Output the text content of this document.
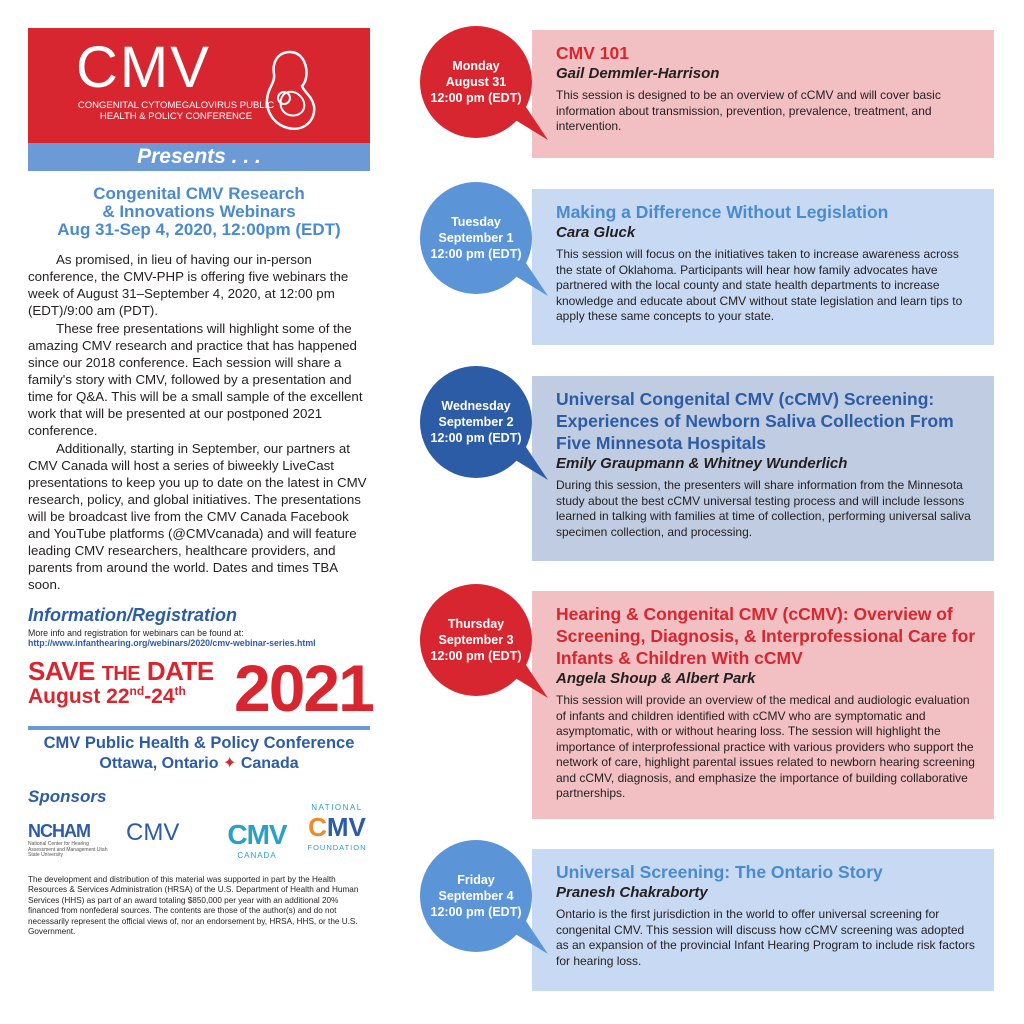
CMV
CONGENITAL CYTOMEGALOVIRUS PUBLIC HEALTH & POLICY CONFERENCE
Presents . . .
Congenital CMV Research
& Innovations Webinars
Aug 31-Sep 4, 2020, 12:00pm (EDT)

As promised, in lieu of having our in-person conference, the CMV-PHP is offering five webinars the week of August 31–September 4, 2020, at 12:00 pm (EDT)/9:00 am (PDT).

These free presentations will highlight some of the amazing CMV research and practice that has happened since our 2018 conference. Each session will share a family's story with CMV, followed by a presentation and time for Q&A. This will be a small sample of the excellent work that will be presented at our postponed 2021 conference.

Additionally, starting in September, our partners at CMV Canada will host a series of biweekly LiveCast presentations to keep you up to date on the latest in CMV research, policy, and global initiatives. The presentations will be broadcast live from the CMV Canada Facebook and YouTube platforms (@CMVcanada) and will feature leading CMV researchers, healthcare providers, and parents from around the world. Dates and times TBA soon.

Information/Registration
More info and registration for webinars can be found at:
http://www.infanthearing.org/webinars/2020/cmv-webinar-series.html
SAVE THE DATE
August 22nd-24th 2021
CMV Public Health & Policy Conference
Ottawa, Ontario ✦ Canada
Sponsors
NCHAM
National Center for Hearing Assessment and Management Utah State University
CMV	CMV
CANADA
NATIONAL
CMV
FOUNDATION
The development and distribution of this material was supported in part by the Health Resources & Services Administration (HRSA) of the U.S. Department of Health and Human Services (HHS) as part of an award totaling $850,000 per year with an additional 20% financed from nonfederal sources. The contents are those of the author(s) and do not necessarily represent the official views of, nor an endorsement by, HRSA, HHS, or the U.S. Government.
CMV 101
Gail Demmler-Harrison
This session is designed to be an overview of cCMV and will cover basic information about transmission, prevention, prevalence, treatment, and intervention.
Monday
August 31
12:00 pm (EDT)
Making a Difference Without Legislation
Cara Gluck
This session will focus on the initiatives taken to increase awareness across the state of Oklahoma. Participants will hear how family advocates have partnered with the local county and state health departments to increase knowledge and educate about CMV without state legislation and learn tips to apply these same concepts to your state.
Tuesday
September 1
12:00 pm (EDT)
Universal Congenital CMV (cCMV) Screening: Experiences of Newborn Saliva Collection From Five Minnesota Hospitals
Emily Graupmann & Whitney Wunderlich
During this session, the presenters will share information from the Minnesota study about the best cCMV universal testing process and will include lessons learned in talking with families at time of collection, performing universal saliva specimen collection, and processing.
Wednesday
September 2
12:00 pm (EDT)
Hearing & Congenital CMV (cCMV): Overview of Screening, Diagnosis, & Interprofessional Care for Infants & Children With cCMV
Angela Shoup & Albert Park
This session will provide an overview of the medical and audiologic evaluation of infants and children identified with cCMV who are symptomatic and asymptomatic, with or without hearing loss. The session will highlight the importance of interprofessional practice with various providers who support the network of care, highlight parental issues related to newborn hearing screening and cCMV, diagnosis, and emphasize the importance of building collaborative partnerships.
Thursday
September 3
12:00 pm (EDT)
Universal Screening: The Ontario Story
Pranesh Chakraborty
Ontario is the first jurisdiction in the world to offer universal screening for congenital CMV. This session will discuss how cCMV screening was adopted as an expansion of the provincial Infant Hearing Program to include risk factors for hearing loss.
Friday
September 4
12:00 pm (EDT)
